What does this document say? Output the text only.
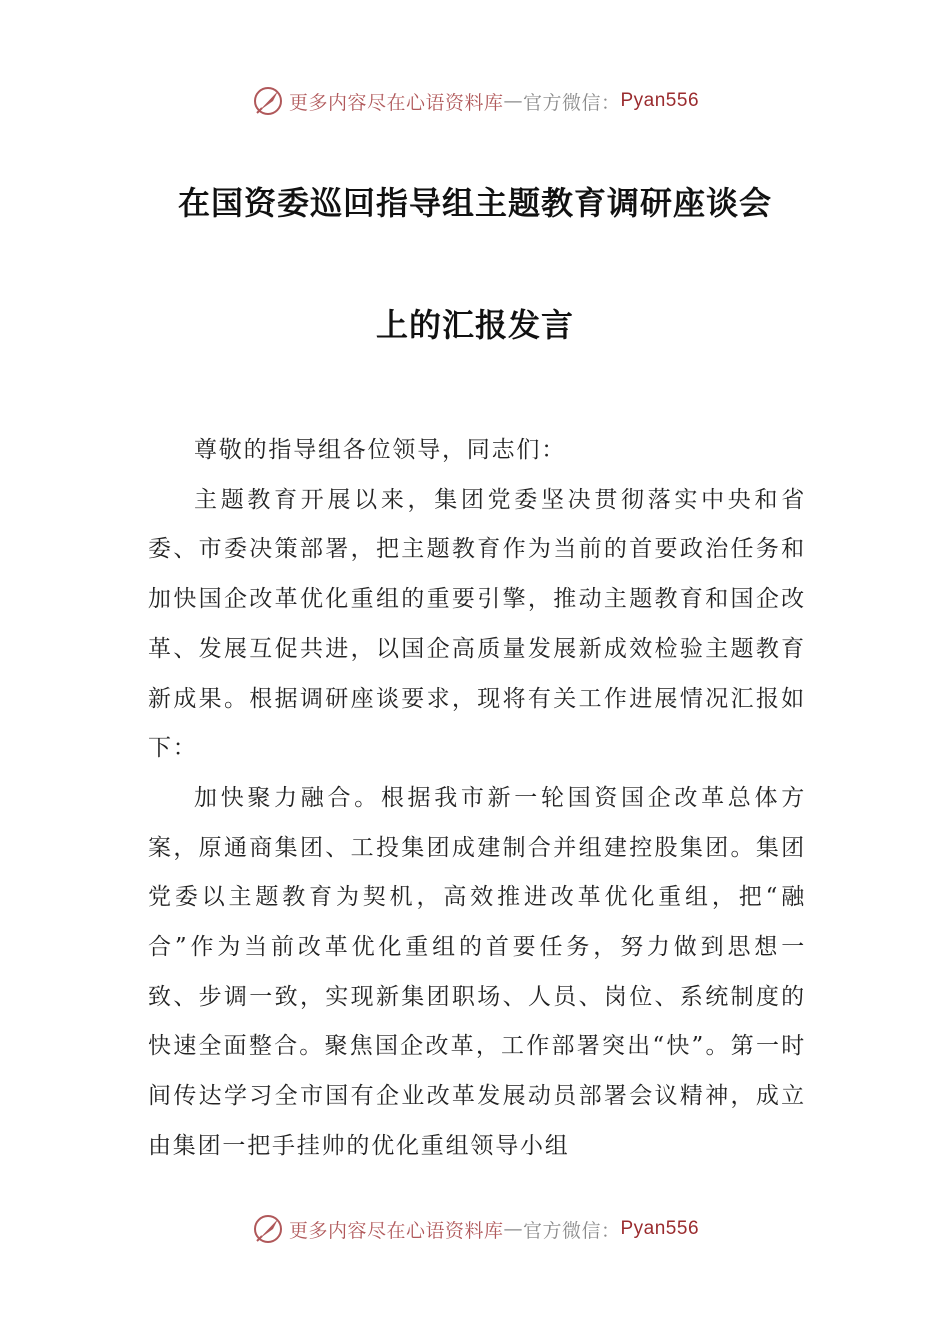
更多内容尽在心语资料库 — 官方微信： Pyan556
在国资委巡回指导组主题教育调研座谈会
上的汇报发言

尊敬的指导组各位领导，同志们：

主题教育开展以来，集团党委坚决贯彻落实中央和省委、市委决策部署，把主题教育作为当前的首要政治任务和加快国企改革优化重组的重要引擎，推动主题教育和国企改革、发展互促共进，以国企高质量发展新成效检验主题教育新成果。根据调研座谈要求，现将有关工作进展情况汇报如下：

加快聚力融合。根据我市新一轮国资国企改革总体方案，原通商集团、工投集团成建制合并组建控股集团。集团党委以主题教育为契机，高效推进改革优化重组，把“融合”作为当前改革优化重组的首要任务，努力做到思想一致、步调一致，实现新集团职场、人员、岗位、系统制度的快速全面整合。聚焦国企改革，工作部署突出“快”。第一时间传达学习全市国有企业改革发展动员部署会议精神，成立由集团一把手挂帅的优化重组领导小组

更多内容尽在心语资料库 — 官方微信： Pyan556
